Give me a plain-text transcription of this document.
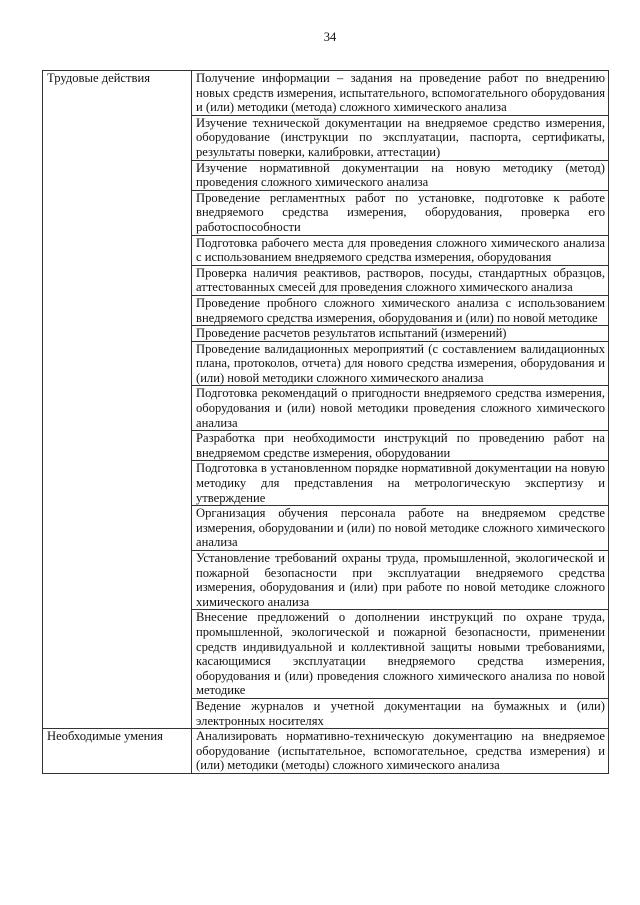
34
Трудовые действия	Получение информации – задания на проведение работ по внедрению новых средств измерения, испытательного, вспомогательного оборудования и (или) методики (метода) сложного химического анализа
	Изучение технической документации на внедряемое средство измерения, оборудование (инструкции по эксплуатации, паспорта, сертификаты, результаты поверки, калибровки, аттестации)
	Изучение нормативной документации на новую методику (метод) проведения сложного химического анализа
	Проведение регламентных работ по установке, подготовке к работе внедряемого средства измерения, оборудования, проверка его работоспособности
	Подготовка рабочего места для проведения сложного химического анализа с использованием внедряемого средства измерения, оборудования
	Проверка наличия реактивов, растворов, посуды, стандартных образцов, аттестованных смесей для проведения сложного химического анализа
	Проведение пробного сложного химического анализа с использованием внедряемого средства измерения, оборудования и (или) по новой методике
	Проведение расчетов результатов испытаний (измерений)
	Проведение валидационных мероприятий (с составлением валидационных плана, протоколов, отчета) для нового средства измерения, оборудования и (или) новой методики сложного химического анализа
	Подготовка рекомендаций о пригодности внедряемого средства измерения, оборудования и (или) новой методики проведения сложного химического анализа
	Разработка при необходимости инструкций по проведению работ на внедряемом средстве измерения, оборудовании
	Подготовка в установленном порядке нормативной документации на новую методику для представления на метрологическую экспертизу и утверждение
	Организация обучения персонала работе на внедряемом средстве измерения, оборудовании и (или) по новой методике сложного химического анализа
	Установление требований охраны труда, промышленной, экологической и пожарной безопасности при эксплуатации внедряемого средства измерения, оборудования и (или) при работе по новой методике сложного химического анализа
	Внесение предложений о дополнении инструкций по охране труда, промышленной, экологической и пожарной безопасности, применении средств индивидуальной и коллективной защиты новыми требованиями, касающимися эксплуатации внедряемого средства измерения, оборудования и (или) проведения сложного химического анализа по новой методике
	Ведение журналов и учетной документации на бумажных и (или) электронных носителях
Необходимые умения	Анализировать нормативно-техническую документацию на внедряемое оборудование (испытательное, вспомогательное, средства измерения) и (или) методики (методы) сложного химического анализа
